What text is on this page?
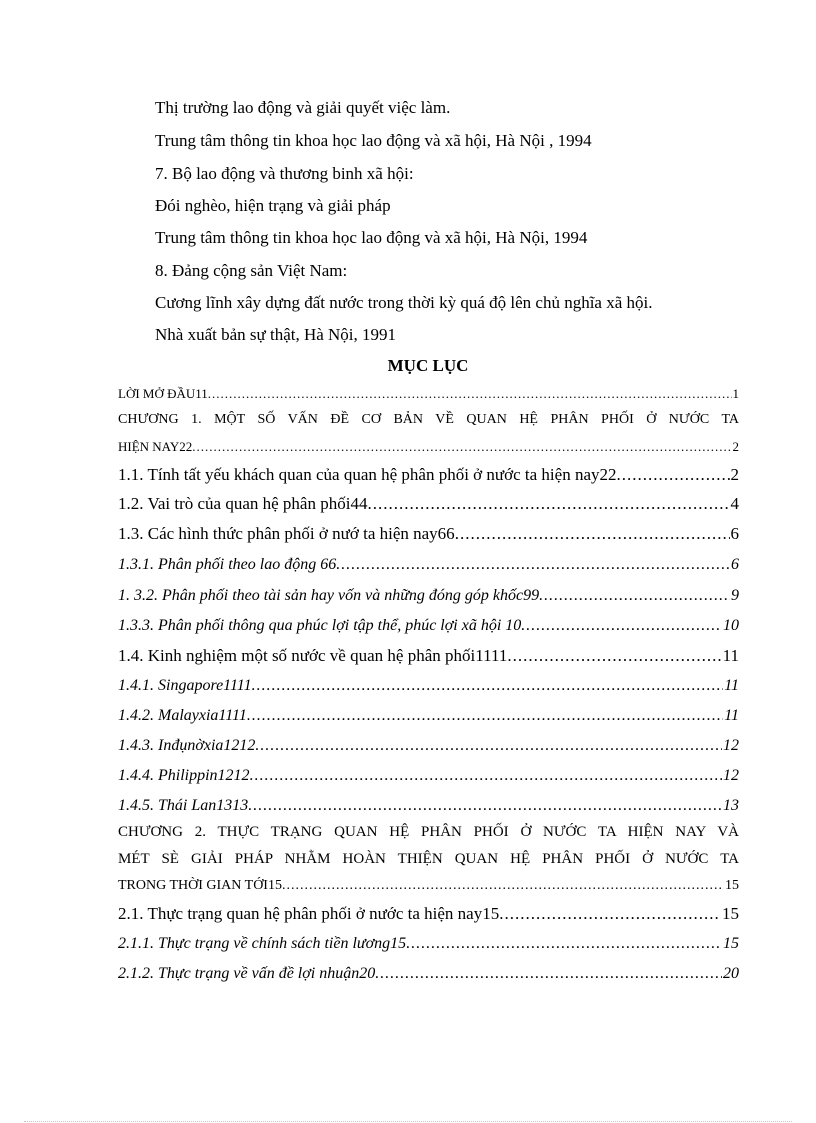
Thị trường lao động và giải quyết việc làm.
Trung tâm thông tin khoa học lao động và xã hội, Hà Nội , 1994
7. Bộ lao động và thương binh xã hội:
Đói nghèo, hiện trạng và giải pháp
Trung tâm thông tin khoa học lao động và xã hội, Hà Nội, 1994
8. Đảng cộng sản Việt Nam:
Cương lĩnh xây dựng đất nước trong thời kỳ quá độ lên chủ nghĩa xã hội.
Nhà xuất bản sự thật, Hà Nội, 1991
MỤC LỤC
LỜI MỞ ĐẦU11 .....	1
CHƯƠNG 1. MỘT SỐ VẤN ĐỀ CƠ BẢN VỀ QUAN HỆ PHÂN PHỐI Ở NƯỚC TA
HIỆN NAY22 .....	2
1.1. Tính tất yếu khách quan của quan hệ phân phối ở nước ta hiện nay22 .....	2
1.2. Vai trò của quan hệ phân phối44 .....	4
1.3. Các hình thức phân phối ở nướ ta hiện nay66 .....	6
1.3.1. Phân phối theo lao động 66 .....	6
1. 3.2. Phân phối theo tài sản hay vốn và những đóng góp khốc99 .....	9
1.3.3. Phân phối thông qua phúc lợi tập thể, phúc lợi xã hội 10 .....	10
1.4. Kinh nghiệm một số nước về quan hệ phân phối1111 .....	11
1.4.1. Singapore1111 .....	11
1.4.2. Malayxia1111 .....	11
1.4.3. Inđụnờxia1212 .....	12
1.4.4. Philippin1212 .....	12
1.4.5. Thái Lan1313 .....	13
CHƯƠNG 2. THỰC TRẠNG QUAN HỆ PHÂN PHỐI Ở NƯỚC TA HIỆN NAY VÀ
MÉT SÈ GIẢI PHÁP NHẰM HOÀN THIỆN QUAN HỆ PHÂN PHỐI Ở NƯỚC TA
TRONG THỜI GIAN TỚI15 .....	15
2.1. Thực trạng quan hệ phân phối ở nước ta hiện nay15 .....	15
2.1.1. Thực trạng về chính sách tiền lương15 .....	15
2.1.2. Thực trạng về vấn đề lợi nhuận20 .....	20
